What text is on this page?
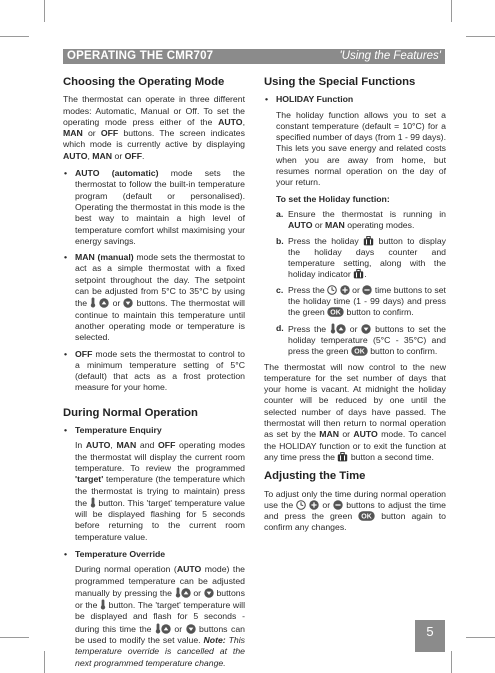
OPERATING THE CMR707	'Using the Features'
Choosing the Operating Mode

The thermostat can operate in three different modes: Automatic, Manual or Off. To set the operating mode press either of the AUTO, MAN or OFF buttons. The screen indicates which mode is currently active by displaying AUTO, MAN or OFF.

• AUTO (automatic) mode sets the thermostat to follow the built-in temperature program (default or personalised). Operating the thermostat in this mode is the best way to maintain a high level of temperature comfort whilst maximising your energy savings.
• MAN (manual) mode sets the thermostat to act as a simple thermostat with a fixed setpoint throughout the day. The setpoint can be adjusted from 5°C to 35°C by using the

or
buttons. The thermostat will continue to maintain this temperature until another operating mode or temperature is selected.
• OFF mode sets the thermostat to control to a minimum temperature setting of 5°C (default) that acts as a frost protection measure for your home.
During Normal Operation
• Temperature Enquiry

In AUTO, MAN and OFF operating modes the thermostat will display the current room temperature. To review the programmed 'target' temperature (the temperature which the thermostat is trying to maintain) press the
button. This 'target' temperature value will be displayed flashing for 5 seconds before returning to the current room temperature value.

• Temperature Override

During normal operation (AUTO mode) the programmed temperature can be adjusted manually by pressing the
or
buttons or the
button. The 'target' temperature will be displayed and flash for 5 seconds - during this time the
or
buttons can be used to modify the set value. Note: This temperature override is cancelled at the next programmed temperature change.

Using the Special Functions
• HOLIDAY Function

The holiday function allows you to set a constant temperature (default = 10°C) for a specified number of days (from 1 - 99 days). This lets you save energy and related costs when you are away from home, but resumes normal operation on the day of your return.

To set the Holiday function:
a. Ensure the thermostat is running in AUTO or MAN operating modes.
b. Press the holiday
button to display the holiday days counter and temperature setting, along with the holiday indicator
.
c. Press the
	or
time buttons to set the holiday time (1 - 99 days) and press the green OK button to confirm.
d. Press the
or
buttons to set the holiday temperature (5°C - 35°C) and press the green OK button to confirm.

The thermostat will now control to the new temperature for the set number of days that your home is vacant. At midnight the holiday counter will be reduced by one until the selected number of days have passed. The thermostat will then return to normal operation as set by the MAN or AUTO mode. To cancel the HOLIDAY function or to exit the function at any time press the
button a second time.

Adjusting the Time

To adjust only the time during normal operation use the
	or
buttons to adjust the time and press the green OK button again to confirm any changes.

5
